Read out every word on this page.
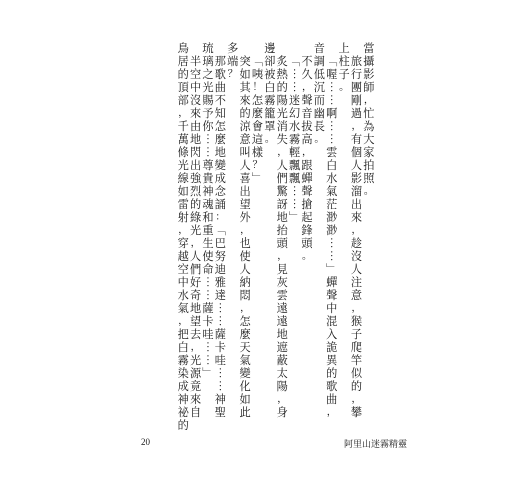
當
攝
影
師
，
忙
為
大
家
拍
照
。

旅
行
團
剛
過
，
有
個
人
影
溜
出
來
，
趁
沒
人
注
意
，
猴
子
爬
竿
似
的
，
攀
上
柱
子
。

﹁
喔
︙
︙
啊
︙
︙
雲
白
水
氣
茫
渺
渺
︙
︙
﹂
蟬
聲
中
混
入
詭
異
的
歌
曲
，
音
調
低
沉
而
幽
長
。

不
久
，
聲
音
拔
高
，
跟
蟬
聲
搶
起
鋒
頭
。

﹁
︙
︙
迷
幻
水
霧
輕
飄
飄
︙
︙
﹂

炙
熱
的
陽
光
消
失
，
人
們
驚
訝
地
抬
頭
，
見
灰
雲
遠
遠
地
遮
蔽
太
陽
，
身
邊
卻
被
白
霧
籠
罩
。

﹁
咦
！
怎
麼
會
這
樣
？
﹂

突
如
其
來
的
涼
意
叫
人
喜
出
望
外
，
也
使
人
納
悶
，
怎
麼
天
氣
變
化
如
此
多
端
？

那
歌
曲
不
知
怎
麼
地
變
成
念
誦
：
﹁
巴
努
迪
雅
達
︙
︙
薩
卡
哇
︙
︙
神
聖
琉
璃
之
光
賜
予
你
︙
︙
尊
貴
神
魂
和
重
生
使
命
︙
︙
薩
卡
哇
︙
︙
﹂

半
空
中
沒
來
由
地
閃
出
強
烈
的
綠
光
，
人
們
好
奇
地
望
去
，
光
源
竟
來
自
鳥
居
的
頂
部
，
千
萬
條
光
線
如
雷
射
，
穿
越
空
中
水
氣
，
把
白
霧
染
成
神
祕
的
20	阿里山迷霧精靈
